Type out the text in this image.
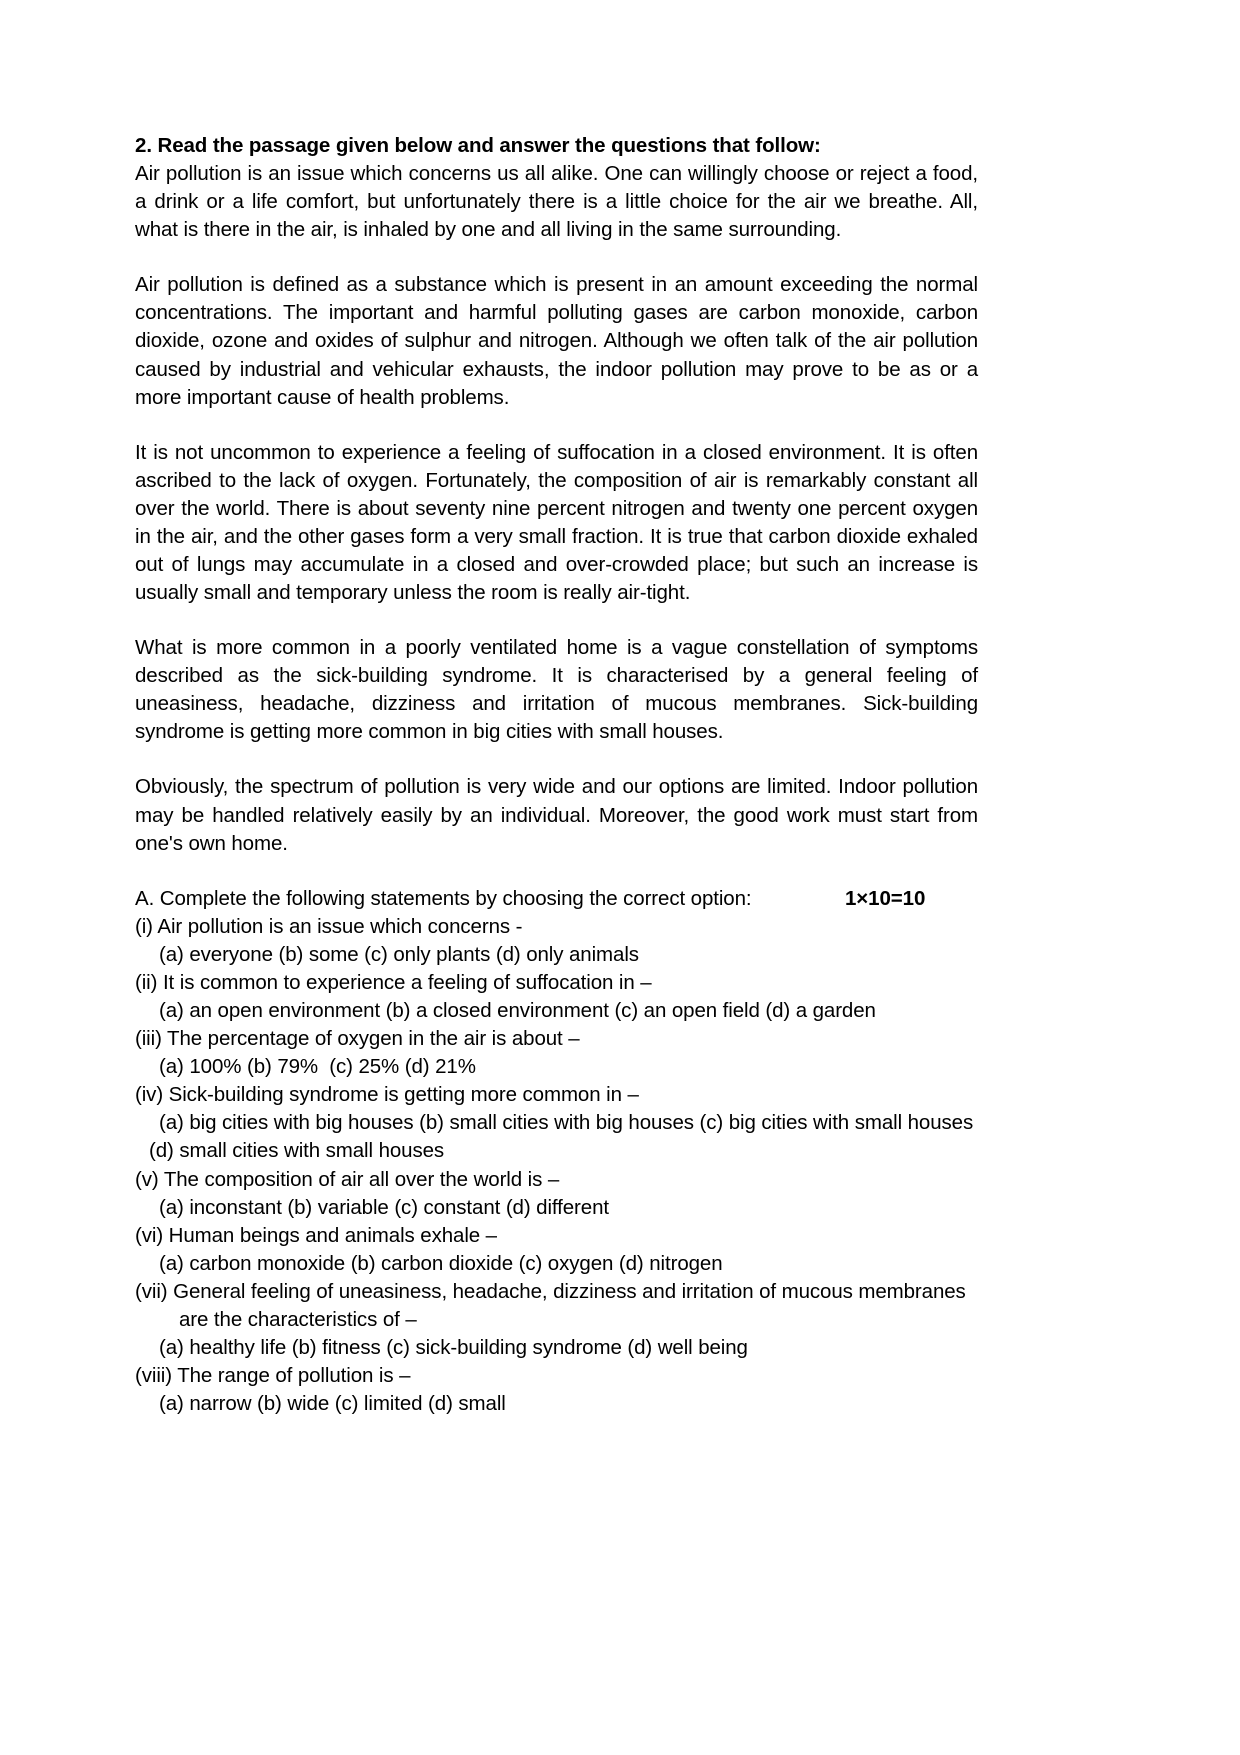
2. Read the passage given below and answer the questions that follow:

Air pollution is an issue which concerns us all alike. One can willingly choose or reject a food, a drink or a life comfort, but unfortunately there is a little choice for the air we breathe. All, what is there in the air, is inhaled by one and all living in the same surrounding.

Air pollution is defined as a substance which is present in an amount exceeding the normal concentrations. The important and harmful polluting gases are carbon monoxide, carbon dioxide, ozone and oxides of sulphur and nitrogen. Although we often talk of the air pollution caused by industrial and vehicular exhausts, the indoor pollution may prove to be as or a more important cause of health problems.

It is not uncommon to experience a feeling of suffocation in a closed environment. It is often ascribed to the lack of oxygen. Fortunately, the composition of air is remarkably constant all over the world. There is about seventy nine percent nitrogen and twenty one percent oxygen in the air, and the other gases form a very small fraction. It is true that carbon dioxide exhaled out of lungs may accumulate in a closed and over-crowded place; but such an increase is usually small and temporary unless the room is really air-tight.

What is more common in a poorly ventilated home is a vague constellation of symptoms described as the sick-building syndrome. It is characterised by a general feeling of uneasiness, headache, dizziness and irritation of mucous membranes. Sick-building syndrome is getting more common in big cities with small houses.

Obviously, the spectrum of pollution is very wide and our options are limited. Indoor pollution may be handled relatively easily by an individual. Moreover, the good work must start from one's own home.

A. Complete the following statements by choosing the correct option:	1×10=10
(i) Air pollution is an issue which concerns -
(a) everyone (b) some (c) only plants (d) only animals
(ii) It is common to experience a feeling of suffocation in –
(a) an open environment (b) a closed environment (c) an open field (d) a garden
(iii) The percentage of oxygen in the air is about –
(a) 100% (b) 79%  (c) 25% (d) 21%
(iv) Sick-building syndrome is getting more common in –
(a) big cities with big houses (b) small cities with big houses (c) big cities with small houses
(d) small cities with small houses
(v) The composition of air all over the world is –
(a) inconstant (b) variable (c) constant (d) different
(vi) Human beings and animals exhale –
(a) carbon monoxide (b) carbon dioxide (c) oxygen (d) nitrogen
(vii) General feeling of uneasiness, headache, dizziness and irritation of mucous membranes
are the characteristics of –
(a) healthy life (b) fitness (c) sick-building syndrome (d) well being
(viii) The range of pollution is –
(a) narrow (b) wide (c) limited (d) small
